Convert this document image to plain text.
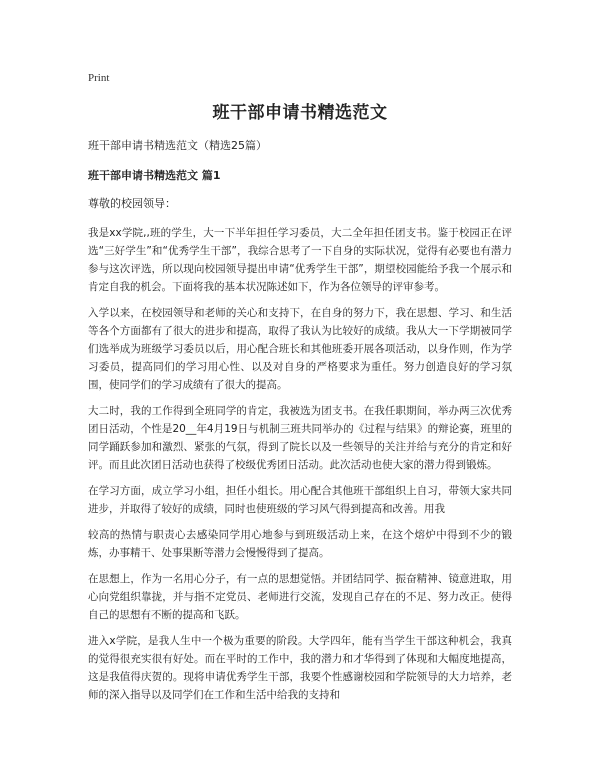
Print
班干部申请书精选范文
班干部申请书精选范文（精选25篇）
班干部申请书精选范文 篇1
尊敬的校园领导：

我是xx学院,,班的学生，大一下半年担任学习委员，大二全年担任团支书。鉴于校园正在评选“三好学生”和“优秀学生干部”，我综合思考了一下自身的实际状况，觉得有必要也有潜力参与这次评选，所以现向校园领导提出申请“优秀学生干部”，期望校园能给予我一个展示和肯定自我的机会。下面将我的基本状况陈述如下，作为各位领导的评审参考。

入学以来，在校园领导和老师的关心和支持下，在自身的努力下，我在思想、学习、和生活等各个方面都有了很大的进步和提高，取得了我认为比较好的成绩。我从大一下学期被同学们选举成为班级学习委员以后，用心配合班长和其他班委开展各项活动，以身作则，作为学习委员，提高同们的学习用心性、以及对自身的严格要求为重任。努力创造良好的学习氛围，使同学们的学习成绩有了很大的提高。

大二时，我的工作得到全班同学的肯定，我被选为团支书。在我任职期间，举办两三次优秀团日活动，个性是20__年4月19日与机制三班共同举办的《过程与结果》的辩论赛，班里的同学踊跃参加和激烈、紧张的气氛，得到了院长以及一些领导的关注并给与充分的肯定和好评。而且此次团日活动也获得了校级优秀团日活动。此次活动也使大家的潜力得到锻炼。

在学习方面，成立学习小组，担任小组长。用心配合其他班干部组织上自习，带领大家共同进步，并取得了较好的成绩，同时也使班级的学习风气得到提高和改善。用我

较高的热情与职责心去感染同学用心地参与到班级活动上来，在这个熔炉中得到不少的锻炼，办事精干、处事果断等潜力会慢慢得到了提高。

在思想上，作为一名用心分子，有一点的思想觉悟。并团结同学、振奋精神、镜意进取，用心向党组织靠拢，并与指不定党员、老师进行交流，发现自己存在的不足、努力改正。使得自己的思想有不断的提高和飞跃。

进入x学院，是我人生中一个极为重要的阶段。大学四年，能有当学生干部这种机会，我真的觉得很充实很有好处。而在平时的工作中，我的潜力和才华得到了体现和大幅度地提高，这是我值得庆贺的。现将申请优秀学生干部，我要个性感谢校园和学院领导的大力培养，老师的深入指导以及同学们在工作和生活中给我的支持和
